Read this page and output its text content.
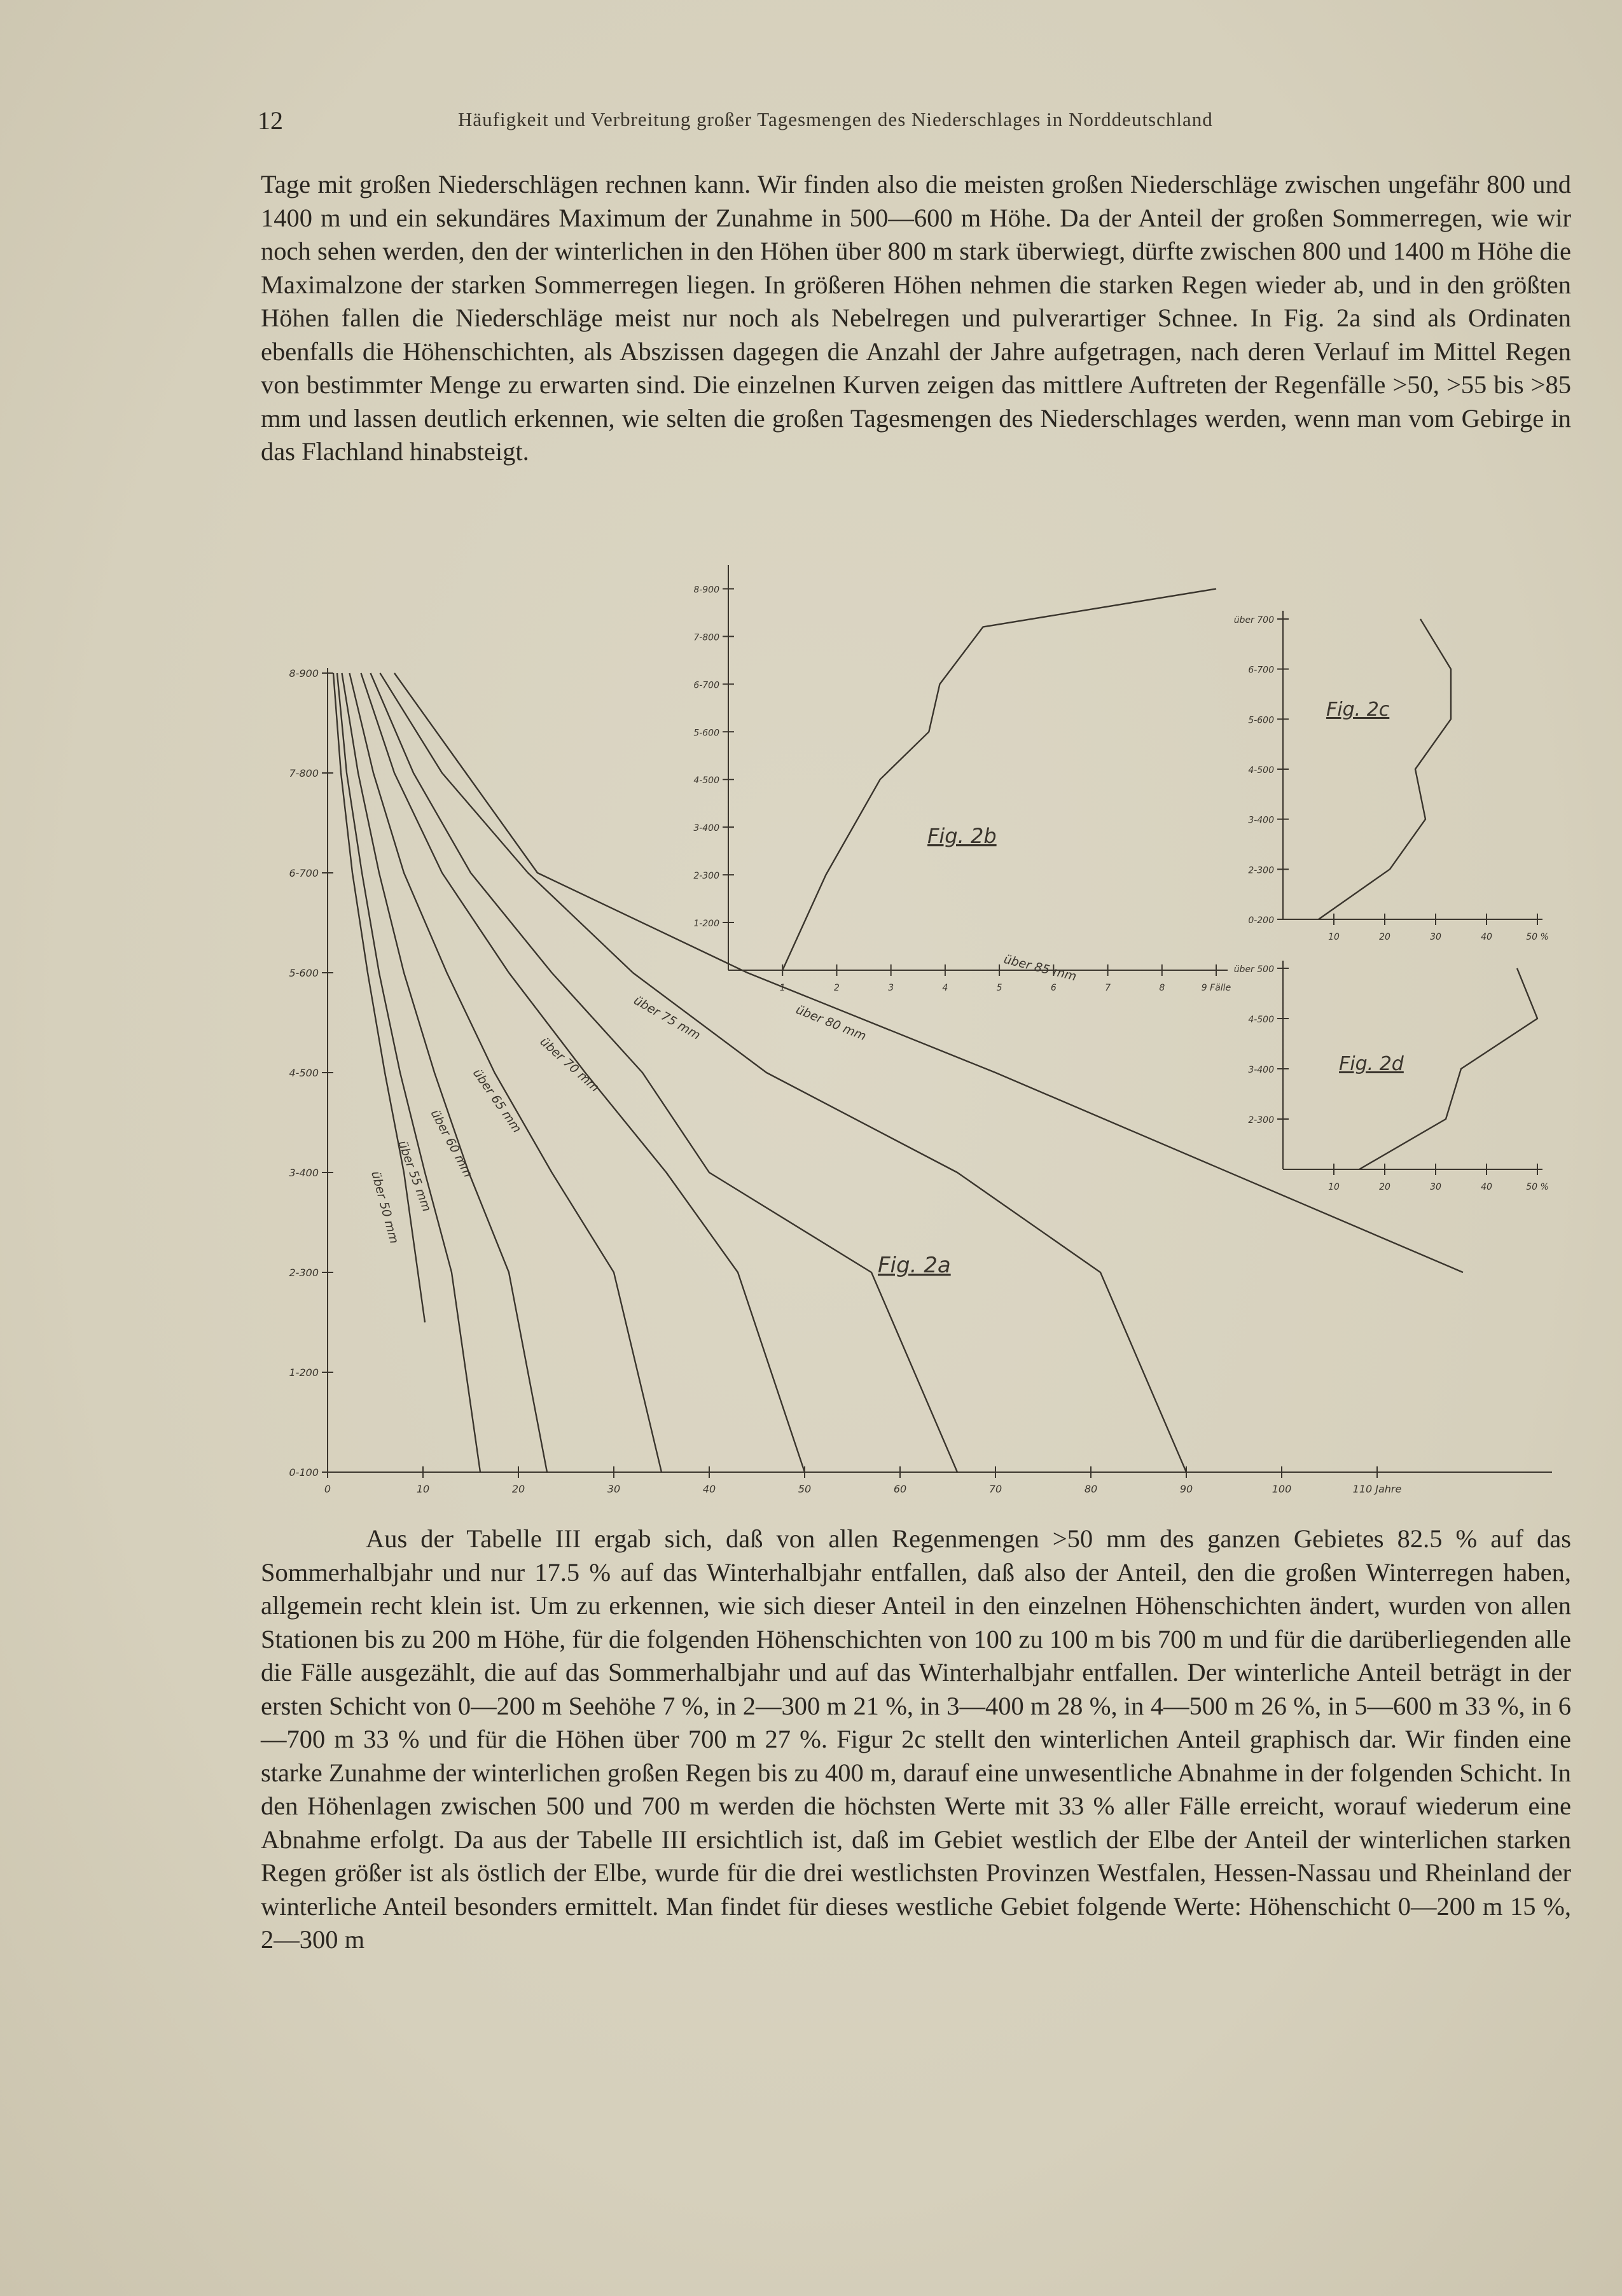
12	Häufigkeit und Verbreitung großer Tagesmengen des Niederschlages in Norddeutschland

Tage mit großen Niederschlägen rechnen kann. Wir finden also die meisten großen Niederschläge zwischen ungefähr 800 und 1400 m und ein sekundäres Maximum der Zunahme in 500—600 m Höhe. Da der Anteil der großen Sommerregen, wie wir noch sehen werden, den der winterlichen in den Höhen über 800 m stark überwiegt, dürfte zwischen 800 und 1400 m Höhe die Maximalzone der starken Sommerregen liegen. In größeren Höhen nehmen die starken Regen wieder ab, und in den größten Höhen fallen die Niederschläge meist nur noch als Nebelregen und pulverartiger Schnee. In Fig. 2a sind als Ordinaten ebenfalls die Höhenschichten, als Abszissen dagegen die Anzahl der Jahre aufgetragen, nach deren Verlauf im Mittel Regen von bestimmter Menge zu erwarten sind. Die einzelnen Kurven zeigen das mittlere Auftreten der Regenfälle >50, >55 bis >85 mm und lassen deutlich erkennen, wie selten die großen Tagesmengen des Niederschlages werden, wenn man vom Gebirge in das Flachland hinabsteigt.

0-100
1-200
2-300
3-400
4-500
5-600
6-700
7-800
8-900
0	10	20	30	40	50	60	70	80	90	100	110 Jahre
Fig. 2a
über 50 mm
über 55 mm
über 60 mm
über 65 mm
über 70 mm
über 75 mm	über 80 mm
über 85 mm
1-200
2-300
3-400
4-500
5-600
6-700
7-800
8-900
1	2	3	4	5	6	7	8	9 Fälle
Fig. 2b
0-200
2-300
3-400
4-500
5-600
6-700
über 700
10	20	30	40	50 %
Fig. 2c
2-300
3-400
4-500
über 500
10	20	30	40	50 %
Fig. 2d

Aus der Tabelle III ergab sich, daß von allen Regenmengen >50 mm des ganzen Gebietes 82.5 % auf das Sommerhalbjahr und nur 17.5 % auf das Winterhalbjahr entfallen, daß also der Anteil, den die großen Winterregen haben, allgemein recht klein ist. Um zu erkennen, wie sich dieser Anteil in den einzelnen Höhenschichten ändert, wurden von allen Stationen bis zu 200 m Höhe, für die folgenden Höhenschichten von 100 zu 100 m bis 700 m und für die darüberliegenden alle die Fälle ausgezählt, die auf das Sommerhalbjahr und auf das Winterhalbjahr entfallen. Der winterliche Anteil beträgt in der ersten Schicht von 0—200 m Seehöhe 7 %, in 2—300 m 21 %, in 3—400 m 28 %, in 4—500 m 26 %, in 5—600 m 33 %, in 6—700 m 33 % und für die Höhen über 700 m 27 %. Figur 2c stellt den winterlichen Anteil graphisch dar. Wir finden eine starke Zunahme der winterlichen großen Regen bis zu 400 m, darauf eine unwesentliche Abnahme in der folgenden Schicht. In den Höhenlagen zwischen 500 und 700 m werden die höchsten Werte mit 33 % aller Fälle erreicht, worauf wiederum eine Abnahme erfolgt. Da aus der Tabelle III ersichtlich ist, daß im Gebiet westlich der Elbe der Anteil der winterlichen starken Regen größer ist als östlich der Elbe, wurde für die drei westlichsten Provinzen Westfalen, Hessen-Nassau und Rheinland der winterliche Anteil besonders ermittelt. Man findet für dieses westliche Gebiet folgende Werte: Höhenschicht 0—200 m 15 %, 2—300 m
